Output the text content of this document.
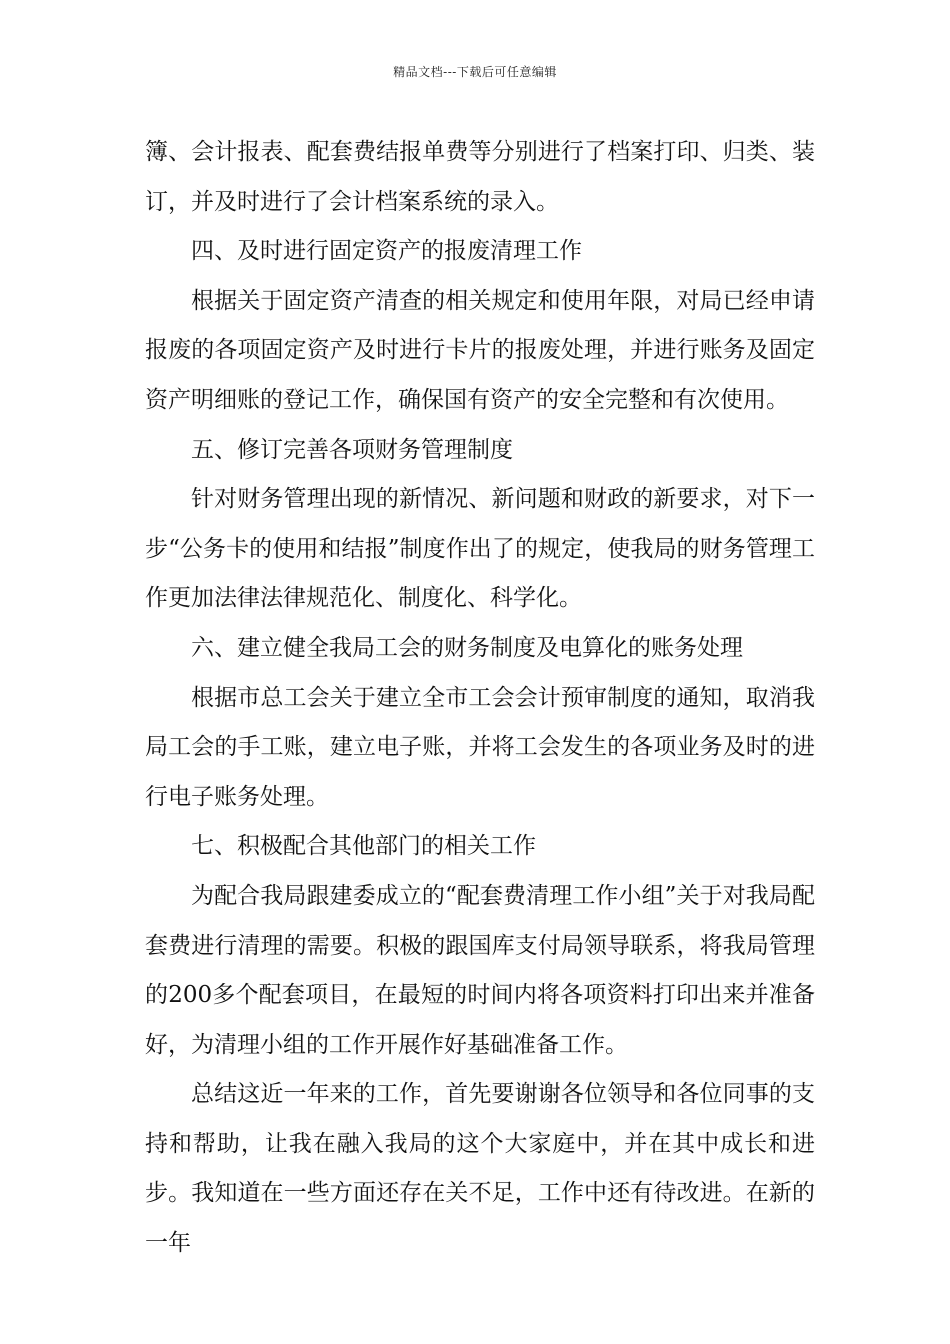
精品文档---下载后可任意编辑

簿、会计报表、配套费结报单费等分别进行了档案打印、归类、装订，并及时进行了会计档案系统的录入。

四、及时进行固定资产的报废清理工作

根据关于固定资产清查的相关规定和使用年限，对局已经申请报废的各项固定资产及时进行卡片的报废处理，并进行账务及固定资产明细账的登记工作，确保国有资产的安全完整和有次使用。

五、修订完善各项财务管理制度

针对财务管理出现的新情况、新问题和财政的新要求，对下一步“公务卡的使用和结报”制度作出了的规定，使我局的财务管理工作更加法律法律规范化、制度化、科学化。

六、建立健全我局工会的财务制度及电算化的账务处理

根据市总工会关于建立全市工会会计预审制度的通知，取消我局工会的手工账，建立电子账，并将工会发生的各项业务及时的进行电子账务处理。

七、积极配合其他部门的相关工作

为配合我局跟建委成立的“配套费清理工作小组”关于对我局配套费进行清理的需要。积极的跟国库支付局领导联系，将我局管理的200多个配套项目，在最短的时间内将各项资料打印出来并准备好，为清理小组的工作开展作好基础准备工作。

总结这近一年来的工作，首先要谢谢各位领导和各位同事的支持和帮助，让我在融入我局的这个大家庭中，并在其中成长和进步。我知道在一些方面还存在关不足，工作中还有待改进。在新的一年
